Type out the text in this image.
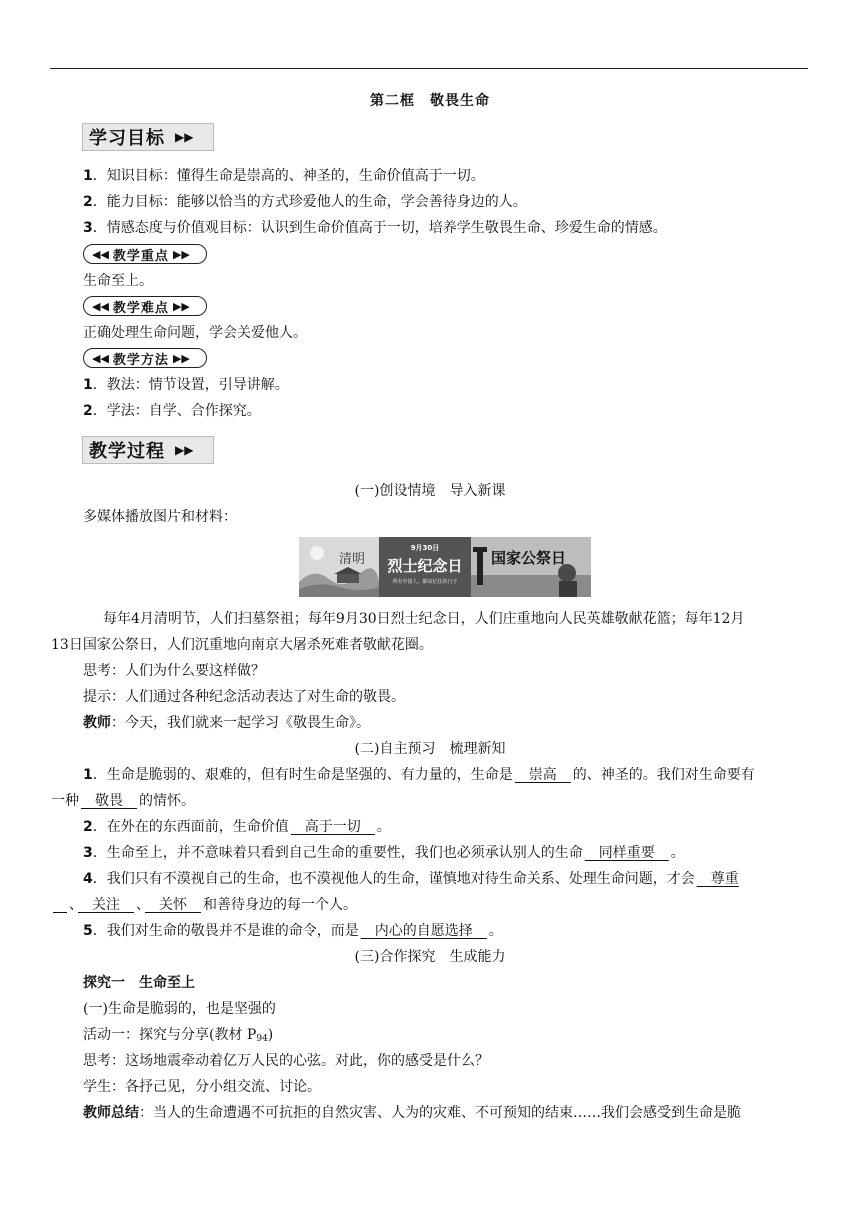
第二框　敬畏生命
学习目标 ▶▶
1．知识目标：懂得生命是崇高的、神圣的，生命价值高于一切。
2．能力目标：能够以恰当的方式珍爱他人的生命，学会善待身边的人。
3．情感态度与价值观目标：认识到生命价值高于一切，培养学生敬畏生命、珍爱生命的情感。
◀◀ 教学重点 ▶▶
生命至上。
◀◀ 教学难点 ▶▶
正确处理生命问题，学会关爱他人。
◀◀ 教学方法 ▶▶
1．教法：情节设置，引导讲解。
2．学法：自学、合作探究。
教学过程 ▶▶
(一)创设情境　导入新课
多媒体播放图片和材料：
清明
9月30日
烈士纪念日
所有中国人，都该记住的日子
国家公祭日
每年4月清明节，人们扫墓祭祖；每年9月30日烈士纪念日，人们庄重地向人民英雄敬献花篮；每年12月
13日国家公祭日，人们沉重地向南京大屠杀死难者敬献花圈。
思考：人们为什么要这样做？
提示：人们通过各种纪念活动表达了对生命的敬畏。
教师：今天，我们就来一起学习《敬畏生命》。
(二)自主预习　梳理新知
1．生命是脆弱的、艰难的，但有时生命是坚强的、有力量的，生命是　崇高　的、神圣的。我们对生命要有
一种　敬畏　的情怀。
2．在外在的东西面前，生命价值　高于一切　。
3．生命至上，并不意味着只看到自己生命的重要性，我们也必须承认别人的生命　同样重要　。
4．我们只有不漠视自己的生命，也不漠视他人的生命，谨慎地对待生命关系、处理生命问题，才会　尊重
　、　关注　、　关怀　和善待身边的每一个人。
5．我们对生命的敬畏并不是谁的命令，而是　内心的自愿选择　。
(三)合作探究　生成能力
探究一　生命至上
(一)生命是脆弱的，也是坚强的
活动一：探究与分享(教材 $P_{94}$)
思考：这场地震牵动着亿万人民的心弦。对此，你的感受是什么？
学生：各抒己见，分小组交流、讨论。
教师总结：当人的生命遭遇不可抗拒的自然灾害、人为的灾难、不可预知的结束……我们会感受到生命是脆
